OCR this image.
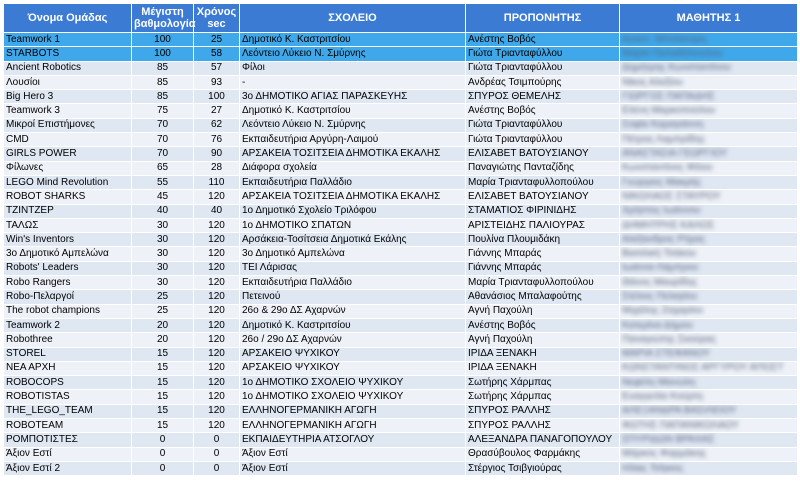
Όνομα Ομάδας	Μέγιστη βαθμολογία	Χρόνος sec	ΣΧΟΛΕΙΟ	ΠΡΟΠΟΝΗΤΗΣ	ΜΑΘΗΤΗΣ 1
Teamwork 1	100	25	Δημοτικό Κ. Καστριτσίου	Ανέστης Βοβός	Αναστ. Μπιλάσαρη
STARBOTS	100	58	Λεόντειο Λύκειο Ν. Σμύρνης	Γιώτα Τριανταφύλλου	Μαρία Παπαδόπουλου
Ancient Robotics	85	57	Φίλοι	Γιώτα Τριανταφύλλου	Δημήτρης Κωνσταντίνου
Λουσίοι	85	93	-	Ανδρέας Τσιμπούρης	Νίκος Αλεξίου
Big Hero 3	85	100	3ο ΔΗΜΟΤΙΚΟ ΑΓΙΑΣ ΠΑΡΑΣΚΕΥΗΣ	ΣΠΥΡΟΣ ΘΕΜΕΛΗΣ	ΓΙΩΡΓΟΣ ΠΑΠΑΔΗΣ
Teamwork 3	75	27	Δημοτικό Κ. Καστριτσίου	Ανέστης Βοβός	Ελένη Μαρκοπούλου
Μικροί Επιστήμονες	70	62	Λεόντειο Λύκειο Ν. Σμύρνης	Γιώτα Τριανταφύλλου	Σοφία Καραγιάννη
CMD	70	76	Εκπαιδευτήρια Αργύρη-Λαιμού	Γιώτα Τριανταφύλλου	Πέτρος Λαμπρίδης
GIRLS POWER	70	90	ΑΡΣΑΚΕΙΑ ΤΟΣΙΤΣΕΙΑ ΔΗΜΟΤΙΚΑ ΕΚΑΛΗΣ	ΕΛΙΣΑΒΕΤ ΒΑΤΟΥΣΙΑΝΟΥ	ΑΝΑΣΤΑΣΙΑ ΓΕΩΡΓΙΟΥ
Φίλωνες	65	28	Διάφορα σχολεία	Παναγιώτης Πανταζίδης	Κωνσταντίνος Φίλου
LEGO Mind Revolution	55	110	Εκπαιδευτήρια Παλλάδιο	Μαρία Τριανταφυλλοπούλου	Γεώργιος Μακρής
ROBOT SHARKS	45	120	ΑΡΣΑΚΕΙΑ ΤΟΣΙΤΣΕΙΑ ΔΗΜΟΤΙΚΑ ΕΚΑΛΗΣ	ΕΛΙΣΑΒΕΤ ΒΑΤΟΥΣΙΑΝΟΥ	ΝΙΚΟΛΑΟΣ ΣΤΑΥΡΟΥ
TZINTZEP	40	40	1ο Δημοτικό Σχολείο Τριλόφου	ΣΤΑΜΑΤΙΟΣ ΦΙΡΙΝΙΔΗΣ	Χρήστος Ιωάννου
ΤΑΛΩΣ	30	120	1ο ΔΗΜΟΤΙΚΟ ΣΠΑΤΩΝ	ΑΡΙΣΤΕΙΔΗΣ ΠΑΛΙΟΥΡΑΣ	ΔΗΜΗΤΡΗΣ ΚΑΛΟΣ
Win's Inventors	30	120	Αρσάκεια-Τοσίτσεια Δημοτικά Εκάλης	Πουλίνα Πλουμιδάκη	Αλέξανδρος Ρήγας
3ο Δημοτικό Αμπελώνα	30	120	3ο Δημοτικό Αμπελώνα	Γιάννης Μπαράς	Βασιλική Τσάκου
Robots' Leaders	30	120	ΤΕΙ Λάρισας	Γιάννης Μπαράς	Ιωάννα Λάμπρου
Robo Rangers	30	120	Εκπαιδευτήρια Παλλάδιο	Μαρία Τριανταφυλλοπούλου	Θάνος Μαυρίδης
Robo-Πελαργοί	25	120	Πετεινού	Αθανάσιος Μπαλαφούτης	Στέλιος Πελαγίου
The robot champions	25	120	26ο & 29ο ΔΣ Αχαρνών	Αγνή Παχούλη	Μιχάλης Ζαχαρίου
Teamwork 2	20	120	Δημοτικό Κ. Καστριτσίου	Ανέστης Βοβός	Κατερίνα Δήμου
Robothree	20	120	26ο / 29ο ΔΣ Αχαρνών	Αγνή Παχούλη	Παναγιώτης Σκούρας
STOREL	15	120	ΑΡΣΑΚΕΙΟ ΨΥΧΙΚΟΥ	ΙΡΙΔΑ ΞΕΝΑΚΗ	ΜΑΡΙΑ ΣΤΕΦΑΝΟΥ
ΝΕΑ ΑΡΧΗ	15	120	ΑΡΣΑΚΕΙΟ ΨΥΧΙΚΟΥ	ΙΡΙΔΑ ΞΕΝΑΚΗ	ΚΩΝΣΤΑΝΤΙΝΟΣ ΑΡΓΥΡΟΥ ΑΠΟΣΤ
ROBOCOPS	15	120	1ο ΔΗΜΟΤΙΚΟ ΣΧΟΛΕΙΟ ΨΥΧΙΚΟΥ	Σωτήρης Χάρμπας	Νεφέλη Μανώλη
ROBOTISTAS	15	120	1ο ΔΗΜΟΤΙΚΟ ΣΧΟΛΕΙΟ ΨΥΧΙΚΟΥ	Σωτήρης Χάρμπας	Ευαγγελία Κούρτη
THE_LEGO_TEAM	15	120	ΕΛΛΗΝΟΓΕΡΜΑΝΙΚΗ ΑΓΩΓΗ	ΣΠΥΡΟΣ ΡΑΛΛΗΣ	ΑΛΕΞΑΝΔΡΑ ΒΑΣΙΛΕΙΟΥ
ROBOTEAM	15	120	ΕΛΛΗΝΟΓΕΡΜΑΝΙΚΗ ΑΓΩΓΗ	ΣΠΥΡΟΣ ΡΑΛΛΗΣ	ΦΩΤΗΣ ΠΑΠΑΝΙΚΟΛΑΟΥ
ΡΟΜΠΟΤΙΣΤΕΣ	0	0	ΕΚΠΑΙΔΕΥΤΗΡΙΑ ΑΤΣΟΓΛΟΥ	ΑΛΕΞΑΝΔΡΑ ΠΑΝΑΓΟΠΟΥΛΟΥ	ΣΠΥΡΙΔΩΝ ΒΡΑΧΑΣ
Άξιον Εστί	0	0	Άξιον Εστί	Θρασύβουλος Φαρμάκης	Μάρκος Φαρμάκης
Άξιον Εστί 2	0	0	Άξιον Εστί	Στέργιος Τσιβγιούρας	Ηλίας Τσίγκος
